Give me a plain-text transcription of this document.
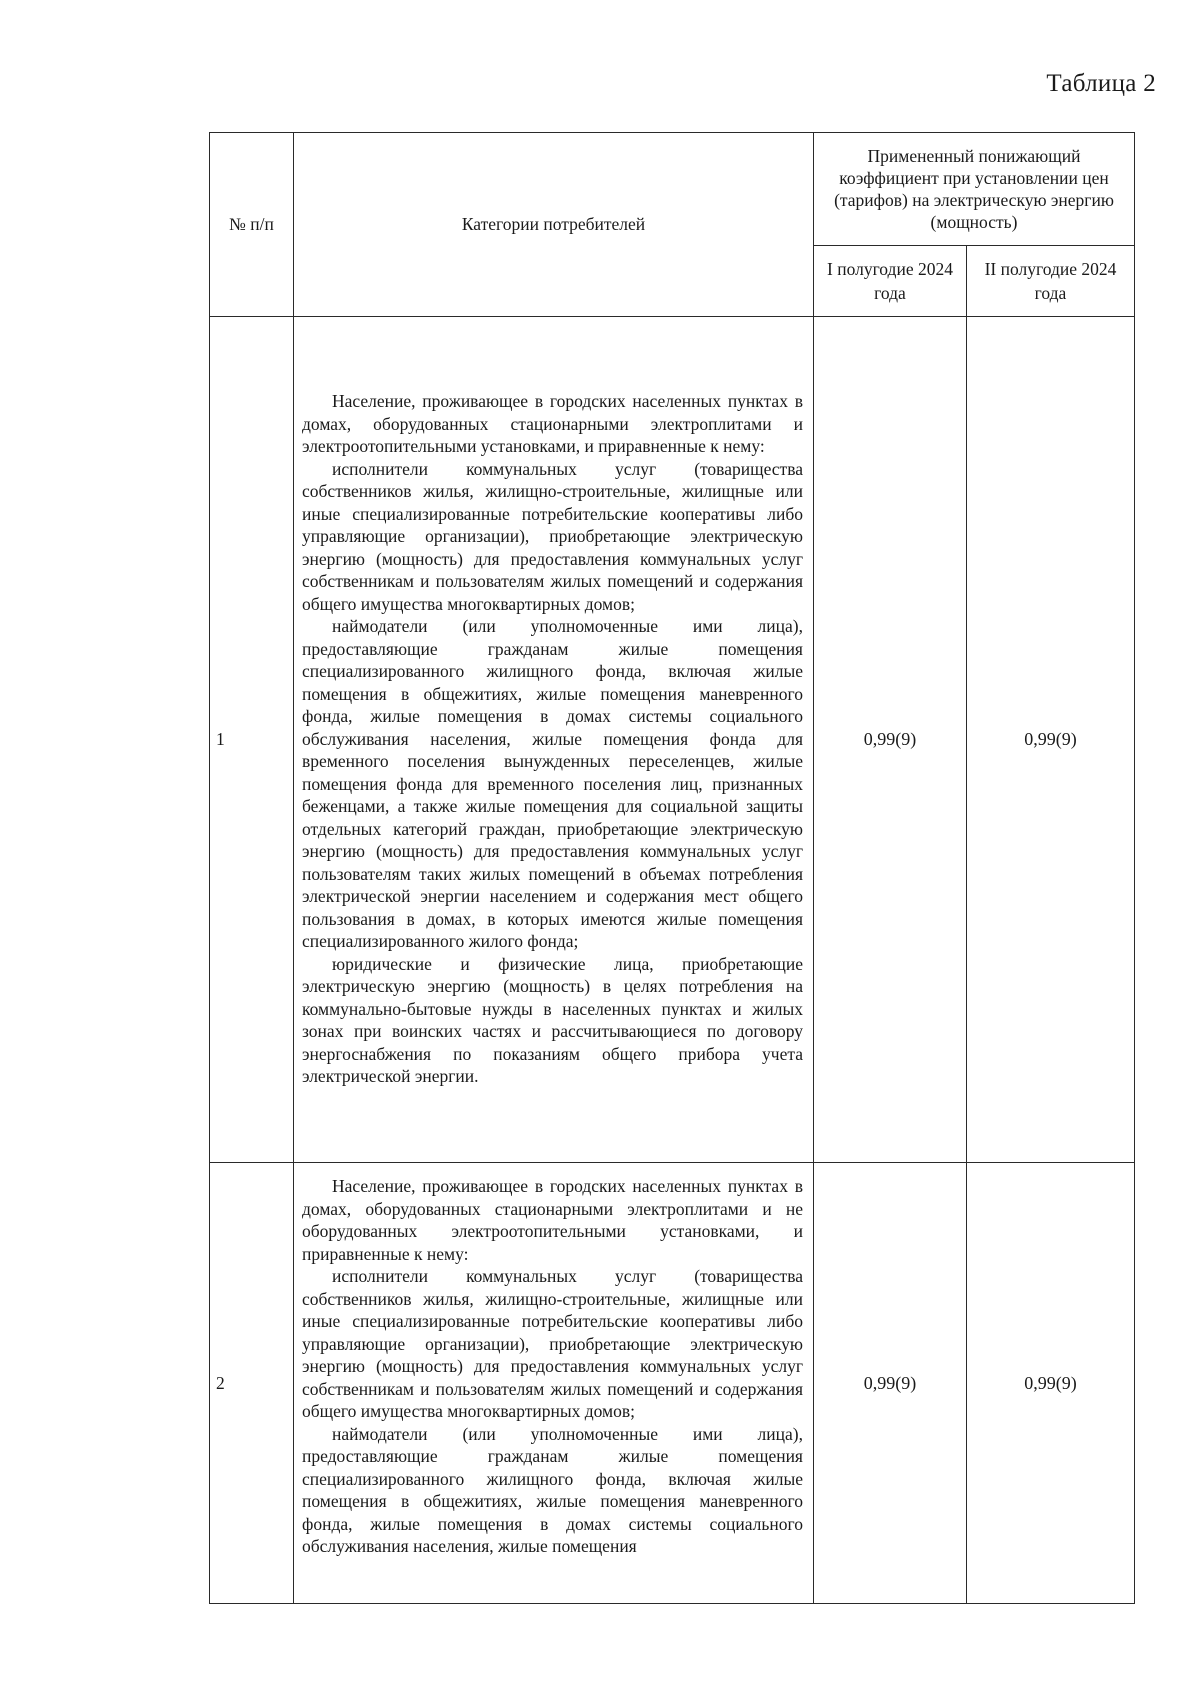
Таблица 2
№ п/п	Категории потребителей	Примененный понижающий коэффициент при установлении цен (тарифов) на электрическую энергию (мощность)	
		I полугодие 2024 года	II полугодие 2024 года
1	Население, проживающее в городских населенных пунктах в домах, оборудованных стационарными электроплитами и электроотопительными установками, и приравненные к нему:

исполнители коммунальных услуг (товарищества собственников жилья, жилищно-строительные, жилищные или иные специализированные потребительские кооперативы либо управляющие организации), приобретающие электрическую энергию (мощность) для предоставления коммунальных услуг собственникам и пользователям жилых помещений и содержания общего имущества многоквартирных домов;

наймодатели (или уполномоченные ими лица), предоставляющие гражданам жилые помещения специализированного жилищного фонда, включая жилые помещения в общежитиях, жилые помещения маневренного фонда, жилые помещения в домах системы социального обслуживания населения, жилые помещения фонда для временного поселения вынужденных переселенцев, жилые помещения фонда для временного поселения лиц, признанных беженцами, а также жилые помещения для социальной защиты отдельных категорий граждан, приобретающие электрическую энергию (мощность) для предоставления коммунальных услуг пользователям таких жилых помещений в объемах потребления электрической энергии населением и содержания мест общего пользования в домах, в которых имеются жилые помещения специализированного жилого фонда;

юридические и физические лица, приобретающие электрическую энергию (мощность) в целях потребления на коммунально-бытовые нужды в населенных пунктах и жилых зонах при воинских частях и рассчитывающиеся по договору энергоснабжения по показаниям общего прибора учета электрической энергии.	0,99(9)	0,99(9)
2	Население, проживающее в городских населенных пунктах в домах, оборудованных стационарными электроплитами и не оборудованных электроотопительными установками, и приравненные к нему:

исполнители коммунальных услуг (товарищества собственников жилья, жилищно-строительные, жилищные или иные специализированные потребительские кооперативы либо управляющие организации), приобретающие электрическую энергию (мощность) для предоставления коммунальных услуг собственникам и пользователям жилых помещений и содержания общего имущества многоквартирных домов;

наймодатели (или уполномоченные ими лица), предоставляющие гражданам жилые помещения специализированного жилищного фонда, включая жилые помещения в общежитиях, жилые помещения маневренного фонда, жилые помещения в домах системы социального обслуживания населения, жилые помещения	0,99(9)	0,99(9)
